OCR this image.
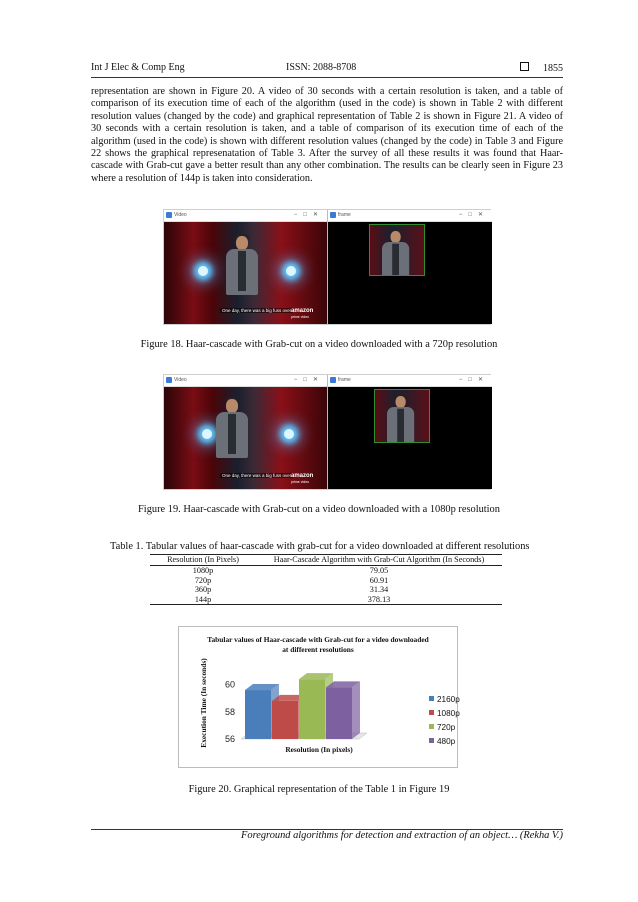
Int J Elec & Comp Eng	ISSN: 2088-8708	1855
representation are shown in Figure 20. A video of 30 seconds with a certain resolution is taken, and a table of comparison of its execution time of each of the algorithm (used in the code) is shown in Table 2 with different resolution values (changed by the code) and graphical representation of Table 2 is shown in Figure 21. A video of 30 seconds with a certain resolution is taken, and a table of comparison of its execution time of each of the algorithm (used in the code) is shown with different resolution values (changed by the code) in Table 3 and Figure 22 shows the graphical represenatation of Table 3. After the survey of all these results it was found that Haar-cascade with Grab-cut gave a better result than any other combination. The results can be clearly seen in Figure 23 where a resolution of 144p is taken into consideration.
Video	−□✕
One day, there was a big fuss over amazon
prime video
frame	−□✕
Figure 18. Haar-cascade with Grab-cut on a video downloaded with a 720p resolution
Video	−□✕
One day, there was a big fuss over amazon
prime video
frame	−□✕
Figure 19. Haar-cascade with Grab-cut on a video downloaded with a 1080p resolution
Table 1. Tabular values of haar-cascade with grab-cut for a video downloaded at different resolutions
Resolution (In Pixels)	Haar-Cascade Algorithm with Grab-Cut Algorithm (In Seconds)
1080p	79.05
720p	60.91
360p	31.34
144p	378.13
Tabular values of Haar-cascade with Grab-cut for a video downloaded
at different resolutions
Execution Time (In seconds)
Resolution (In pixels)
60
58
56
2160p
1080p
720p
480p
Figure 20. Graphical representation of the Table 1 in Figure 19
Foreground algorithms for detection and extraction of an object… (Rekha V.)
